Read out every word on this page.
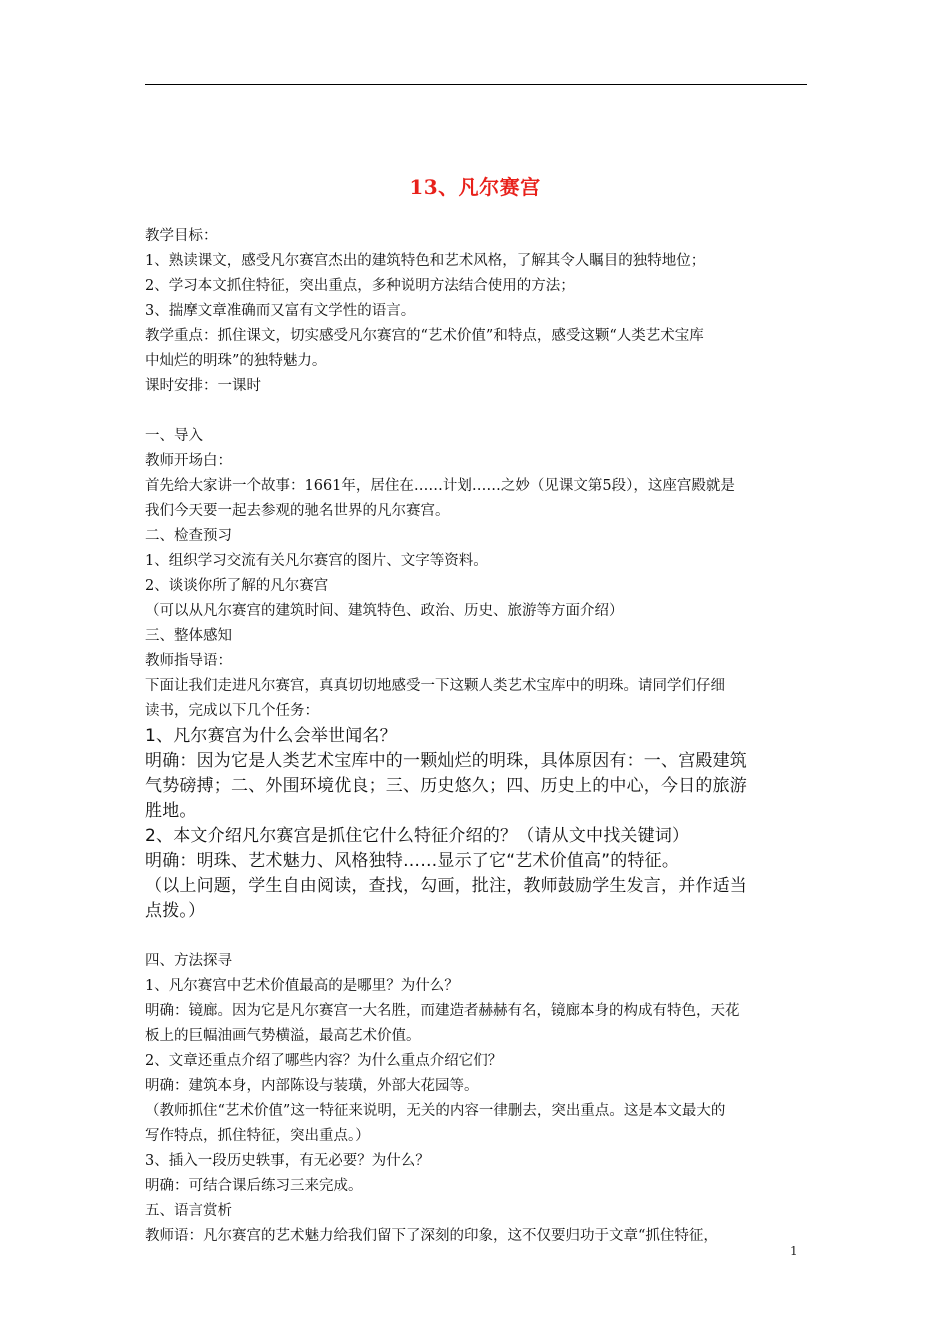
13、凡尔赛宫
教学目标：
1、熟读课文，感受凡尔赛宫杰出的建筑特色和艺术风格，了解其令人瞩目的独特地位；
2、学习本文抓住特征，突出重点，多种说明方法结合使用的方法；
3、揣摩文章准确而又富有文学性的语言。
教学重点：抓住课文，切实感受凡尔赛宫的“艺术价值”和特点，感受这颗“人类艺术宝库
中灿烂的明珠”的独特魅力。
课时安排：一课时
一、导入
教师开场白：
首先给大家讲一个故事：1661年，居住在……计划……之妙（见课文第5段），这座宫殿就是
我们今天要一起去参观的驰名世界的凡尔赛宫。
二、检查预习
1、组织学习交流有关凡尔赛宫的图片、文字等资料。
2、谈谈你所了解的凡尔赛宫
（可以从凡尔赛宫的建筑时间、建筑特色、政治、历史、旅游等方面介绍）
三、整体感知
教师指导语：
下面让我们走进凡尔赛宫，真真切切地感受一下这颗人类艺术宝库中的明珠。请同学们仔细
读书，完成以下几个任务：
1、凡尔赛宫为什么会举世闻名？
明确：因为它是人类艺术宝库中的一颗灿烂的明珠，具体原因有：一、宫殿建筑
气势磅搏；二、外围环境优良；三、历史悠久；四、历史上的中心，今日的旅游
胜地。
2、本文介绍凡尔赛宫是抓住它什么特征介绍的？（请从文中找关键词）
明确：明珠、艺术魅力、风格独特……显示了它“艺术价值高”的特征。
（以上问题，学生自由阅读，查找，勾画，批注，教师鼓励学生发言，并作适当
点拨。）
四、方法探寻
1、凡尔赛宫中艺术价值最高的是哪里？为什么？
明确：镜廊。因为它是凡尔赛宫一大名胜，而建造者赫赫有名，镜廊本身的构成有特色，天花
板上的巨幅油画气势横溢，最高艺术价值。
2、文章还重点介绍了哪些内容？为什么重点介绍它们？
明确：建筑本身，内部陈设与装璜，外部大花园等。
（教师抓住“艺术价值”这一特征来说明，无关的内容一律删去，突出重点。这是本文最大的
写作特点，抓住特征，突出重点。）
3、插入一段历史轶事，有无必要？为什么？
明确：可结合课后练习三来完成。
五、语言赏析
教师语：凡尔赛宫的艺术魅力给我们留下了深刻的印象，这不仅要归功于文章“抓住特征，
1
